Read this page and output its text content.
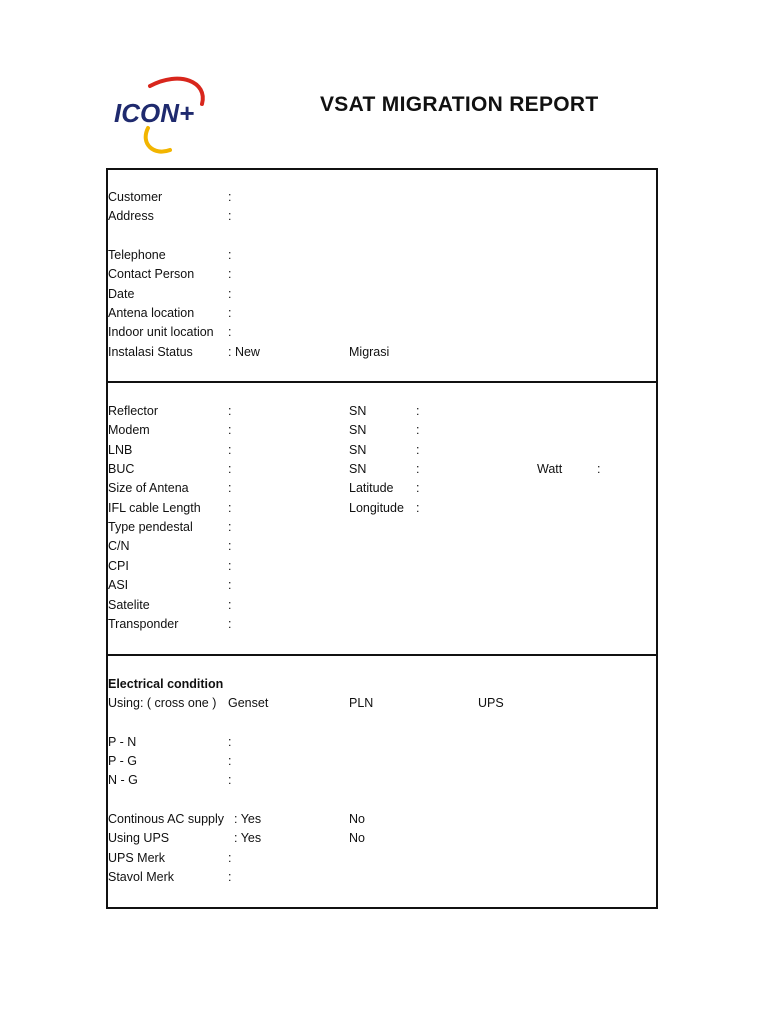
ICON+	VSAT MIGRATION REPORT
Customer	:
Address	:
Telephone	:
Contact Person	:
Date	:
Antena location	:
Indoor unit location :
Instalasi Status	: New	Migrasi
Reflector	:	SN	:
Modem	:	SN	:
LNB	:	SN	:
BUC	:	SN	:	Watt	:
Size of Antena	:	Latitude :
IFL cable Length :	Longitude :
Type pendestal	:
C/N	:
CPI	:
ASI	:
Satelite	:
Transponder	:
Electrical condition
Using: ( cross one ) Genset	PLN	UPS
P - N	:
P - G	:
N - G	:
Continous AC supply : Yes	No
Using UPS	: Yes	No
UPS Merk	:
Stavol Merk	:
